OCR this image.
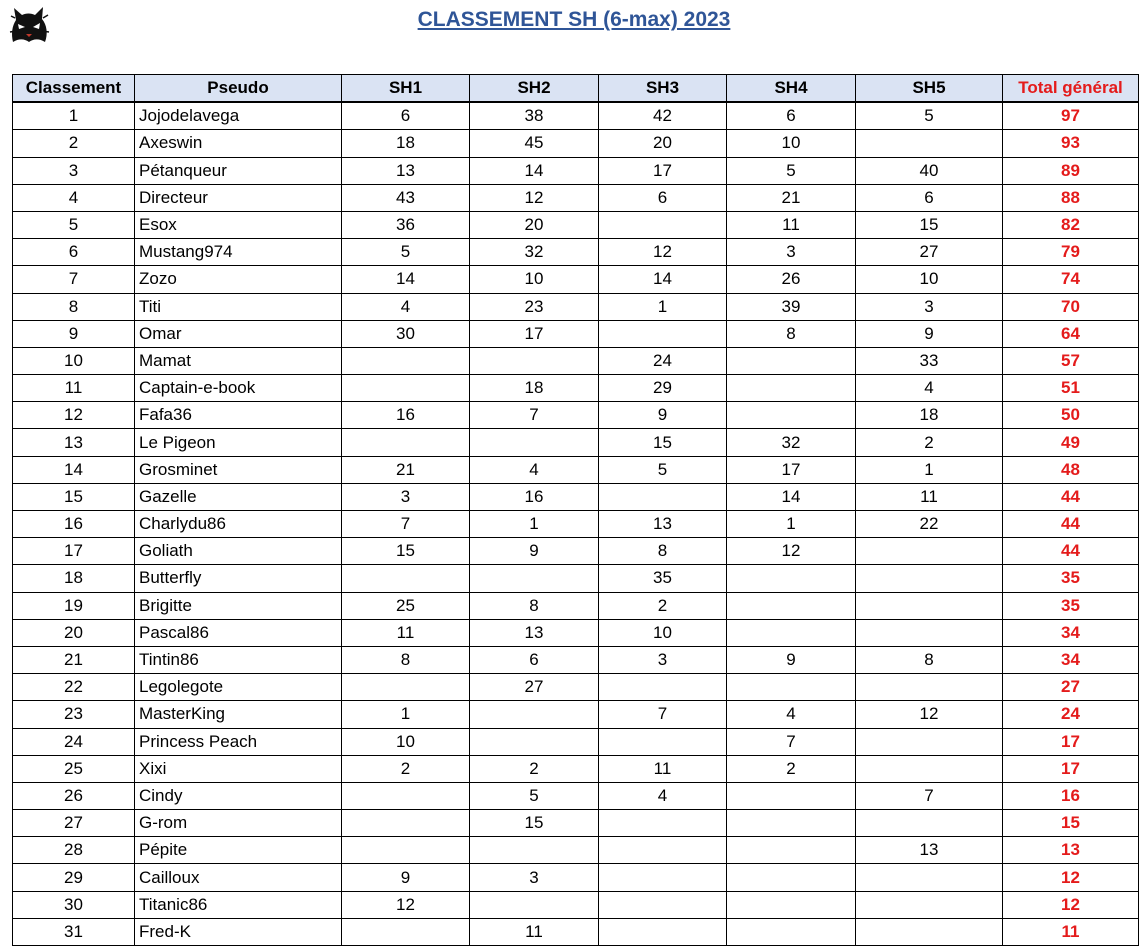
CLASSEMENT SH (6-max) 2023
Classement	Pseudo	SH1	SH2	SH3	SH4	SH5	Total général
1	Jojodelavega	6	38	42	6	5	97
2	Axeswin	18	45	20	10		93
3	Pétanqueur	13	14	17	5	40	89
4	Directeur	43	12	6	21	6	88
5	Esox	36	20		11	15	82
6	Mustang974	5	32	12	3	27	79
7	Zozo	14	10	14	26	10	74
8	Titi	4	23	1	39	3	70
9	Omar	30	17		8	9	64
10	Mamat			24		33	57
11	Captain-e-book		18	29		4	51
12	Fafa36	16	7	9		18	50
13	Le Pigeon			15	32	2	49
14	Grosminet	21	4	5	17	1	48
15	Gazelle	3	16		14	11	44
16	Charlydu86	7	1	13	1	22	44
17	Goliath	15	9	8	12		44
18	Butterfly			35			35
19	Brigitte	25	8	2			35
20	Pascal86	11	13	10			34
21	Tintin86	8	6	3	9	8	34
22	Legolegote		27				27
23	MasterKing	1		7	4	12	24
24	Princess Peach	10			7		17
25	Xixi	2	2	11	2		17
26	Cindy		5	4		7	16
27	G-rom		15				15
28	Pépite					13	13
29	Cailloux	9	3				12
30	Titanic86	12					12
31	Fred-K		11				11
